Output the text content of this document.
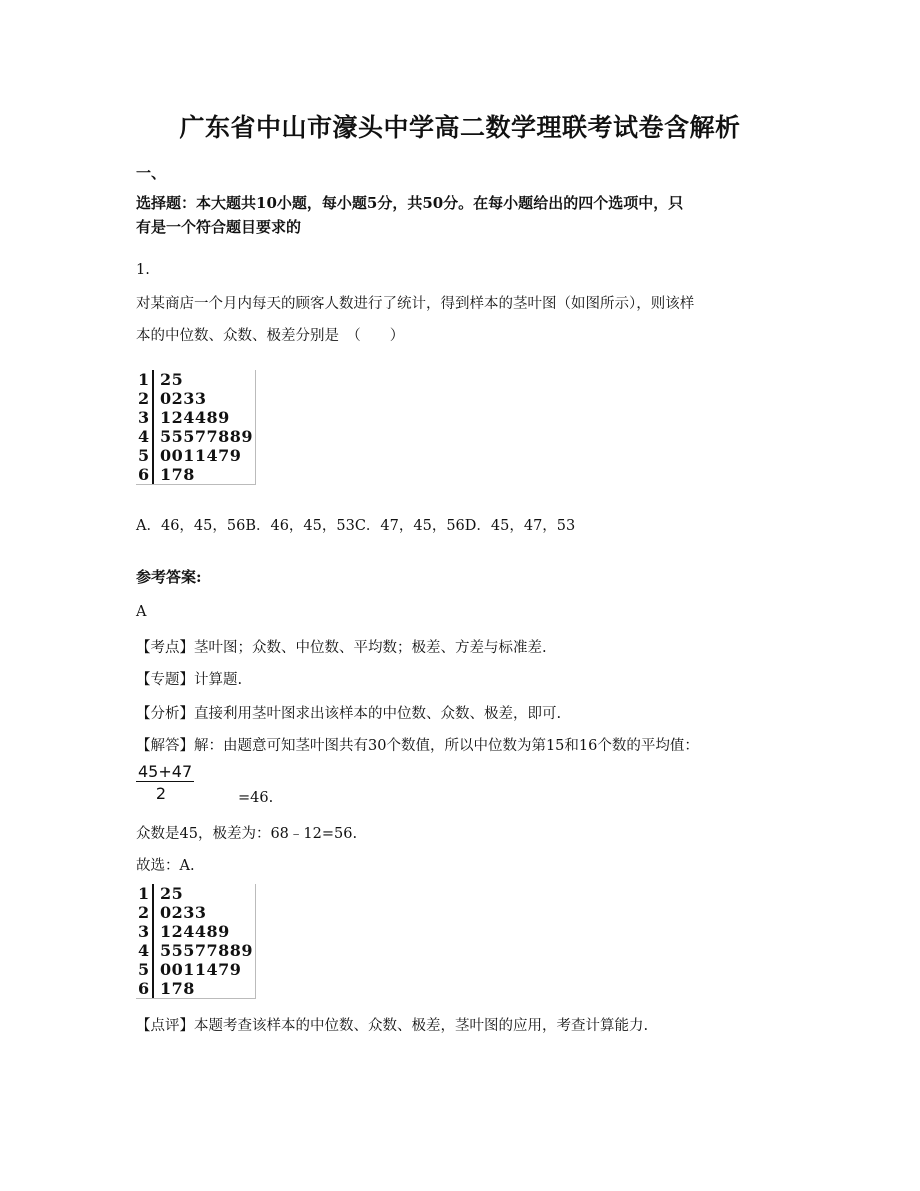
广东省中山市濠头中学高二数学理联考试卷含解析
一、
选择题：本大题共10小题，每小题5分，共50分。在每小题给出的四个选项中，只
有是一个符合题目要求的
1.
对某商店一个月内每天的顾客人数进行了统计，得到样本的茎叶图（如图所示），则该样
本的中位数、众数、极差分别是　（　　）
1 25
2 0233
3 124489
4 55577889
5 0011479
6 178
A．46，45，56B．46，45，53C．47，45，56D．45，47，53
参考答案:
A
【考点】茎叶图；众数、中位数、平均数；极差、方差与标准差.
【专题】计算题.
【分析】直接利用茎叶图求出该样本的中位数、众数、极差，即可.
【解答】解：由题意可知茎叶图共有30个数值，所以中位数为第15和16个数的平均值：
$\frac{45+47}{2}$	=46.
众数是45，极差为：68﹣12=56.
故选：A.
1 25
2 0233
3 124489
4 55577889
5 0011479
6 178
【点评】本题考查该样本的中位数、众数、极差，茎叶图的应用，考查计算能力.
